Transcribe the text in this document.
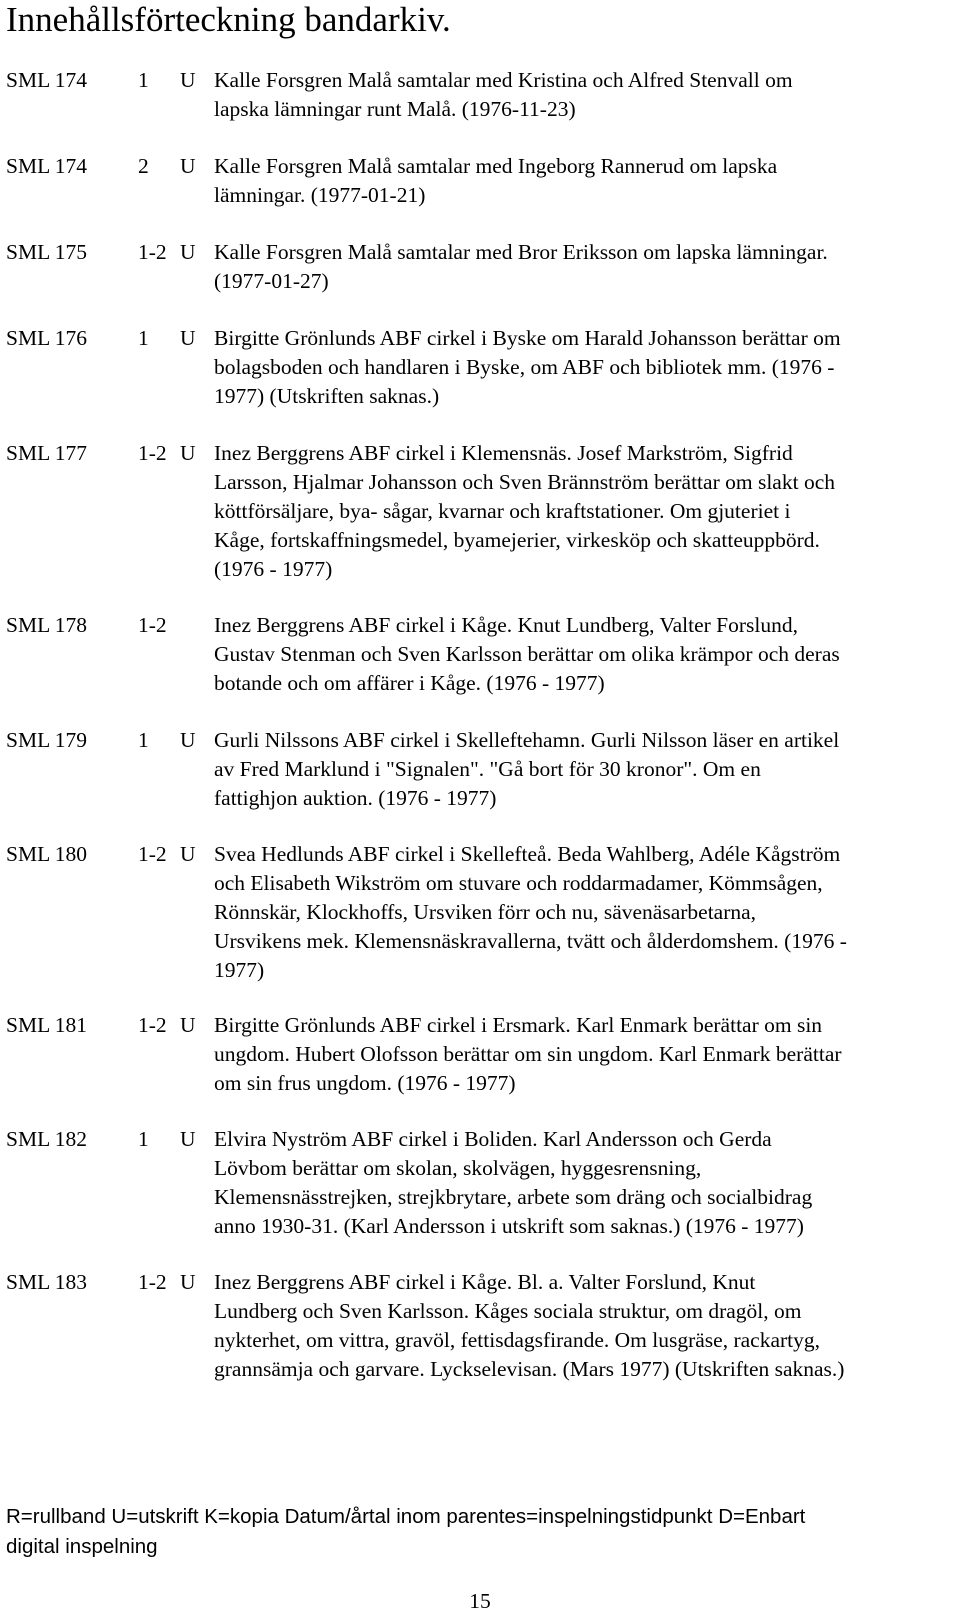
Innehållsförteckning bandarkiv.
SML 174 1 U Kalle Forsgren Malå samtalar med Kristina och Alfred Stenvall om
lapska lämningar runt Malå. (1976-11-23)
SML 174 2 U Kalle Forsgren Malå samtalar med Ingeborg Rannerud om lapska
lämningar. (1977-01-21)
SML 175 1-2 U Kalle Forsgren Malå samtalar med Bror Eriksson om lapska lämningar.
(1977-01-27)
SML 176 1 U Birgitte Grönlunds ABF cirkel i Byske om Harald Johansson berättar om
bolagsboden och handlaren i Byske, om ABF och bibliotek mm. (1976 -
1977) (Utskriften saknas.)
SML 177 1-2 U Inez Berggrens ABF cirkel i Klemensnäs. Josef Markström, Sigfrid
Larsson, Hjalmar Johansson och Sven Brännström berättar om slakt och
köttförsäljare, bya- sågar, kvarnar och kraftstationer. Om gjuteriet i
Kåge, fortskaffningsmedel, byamejerier, virkesköp och skatteuppbörd.
(1976 - 1977)
SML 178 1-2 Inez Berggrens ABF cirkel i Kåge. Knut Lundberg, Valter Forslund,
Gustav Stenman och Sven Karlsson berättar om olika krämpor och deras
botande och om affärer i Kåge. (1976 - 1977)
SML 179 1 U Gurli Nilssons ABF cirkel i Skelleftehamn. Gurli Nilsson läser en artikel
av Fred Marklund i "Signalen". "Gå bort för 30 kronor". Om en
fattighjon auktion. (1976 - 1977)
SML 180 1-2 U Svea Hedlunds ABF cirkel i Skellefteå. Beda Wahlberg, Adéle Kågström
och Elisabeth Wikström om stuvare och roddarmadamer, Kömmsågen,
Rönnskär, Klockhoffs, Ursviken förr och nu, sävenäsarbetarna,
Ursvikens mek. Klemensnäskravallerna, tvätt och ålderdomshem. (1976 -
1977)
SML 181 1-2 U Birgitte Grönlunds ABF cirkel i Ersmark. Karl Enmark berättar om sin
ungdom. Hubert Olofsson berättar om sin ungdom. Karl Enmark berättar
om sin frus ungdom. (1976 - 1977)
SML 182 1 U Elvira Nyström ABF cirkel i Boliden. Karl Andersson och Gerda
Lövbom berättar om skolan, skolvägen, hyggesrensning,
Klemensnässtrejken, strejkbrytare, arbete som dräng och socialbidrag
anno 1930-31. (Karl Andersson i utskrift som saknas.) (1976 - 1977)
SML 183 1-2 U Inez Berggrens ABF cirkel i Kåge. Bl. a. Valter Forslund, Knut
Lundberg och Sven Karlsson. Kåges sociala struktur, om dragöl, om
nykterhet, om vittra, gravöl, fettisdagsfirande. Om lusgräse, rackartyg,
grannsämja och garvare. Lyckselevisan. (Mars 1977) (Utskriften saknas.)
R=rullband U=utskrift K=kopia Datum/årtal inom parentes=inspelningstidpunkt D=Enbart
digital inspelning
15
